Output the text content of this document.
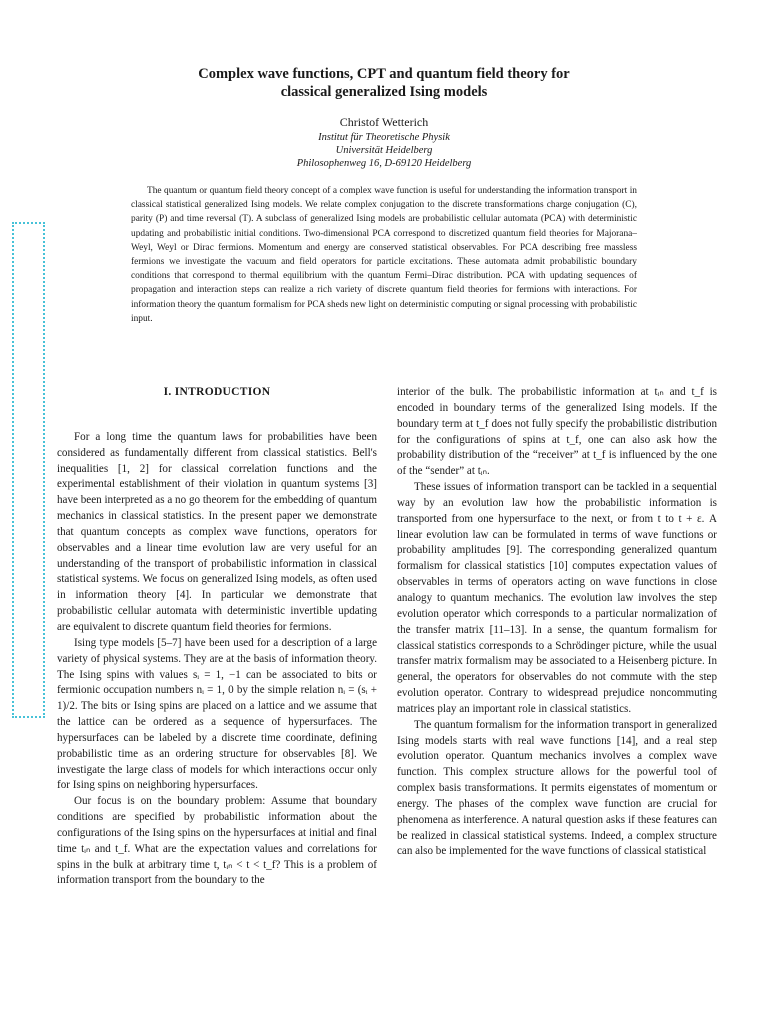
Complex wave functions, CPT and quantum field theory for
classical generalized Ising models
Christof Wetterich
Institut für Theoretische Physik
Universität Heidelberg
Philosophenweg 16, D-69120 Heidelberg

The quantum or quantum field theory concept of a complex wave function is useful for understanding the information transport in classical statistical generalized Ising models. We relate complex conjugation to the discrete transformations charge conjugation (C), parity (P) and time reversal (T). A subclass of generalized Ising models are probabilistic cellular automata (PCA) with deterministic updating and probabilistic initial conditions. Two-dimensional PCA correspond to discretized quantum field theories for Majorana–Weyl, Weyl or Dirac fermions. Momentum and energy are conserved statistical observables. For PCA describing free massless fermions we investigate the vacuum and field operators for particle excitations. These automata admit probabilistic boundary conditions that correspond to thermal equilibrium with the quantum Fermi–Dirac distribution. PCA with updating sequences of propagation and interaction steps can realize a rich variety of discrete quantum field theories for fermions with interactions. For information theory the quantum formalism for PCA sheds new light on deterministic computing or signal processing with probabilistic input.

I. INTRODUCTION

For a long time the quantum laws for probabilities have been considered as fundamentally different from classical statistics. Bell's inequalities [1, 2] for classical correlation functions and the experimental establishment of their violation in quantum systems [3] have been interpreted as a no go theorem for the embedding of quantum mechanics in classical statistics. In the present paper we demonstrate that quantum concepts as complex wave functions, operators for observables and a linear time evolution law are very useful for an understanding of the transport of probabilistic information in classical statistical systems. We focus on generalized Ising models, as often used in information theory [4]. In particular we demonstrate that probabilistic cellular automata with deterministic invertible updating are equivalent to discrete quantum field theories for fermions.

Ising type models [5–7] have been used for a description of a large variety of physical systems. They are at the basis of information theory. The Ising spins with values sᵢ = 1, −1 can be associated to bits or fermionic occupation numbers nᵢ = 1, 0 by the simple relation nᵢ = (sᵢ + 1)/2. The bits or Ising spins are placed on a lattice and we assume that the lattice can be ordered as a sequence of hypersurfaces. The hypersurfaces can be labeled by a discrete time coordinate, defining probabilistic time as an ordering structure for observables [8]. We investigate the large class of models for which interactions occur only for Ising spins on neighboring hypersurfaces.

Our focus is on the boundary problem: Assume that boundary conditions are specified by probabilistic information about the configurations of the Ising spins on the hypersurfaces at initial and final time tᵢₙ and t_f. What are the expectation values and correlations for spins in the bulk at arbitrary time t, tᵢₙ < t < t_f? This is a problem of information transport from the boundary to the

interior of the bulk. The probabilistic information at tᵢₙ and t_f is encoded in boundary terms of the generalized Ising models. If the boundary term at t_f does not fully specify the probabilistic distribution for the configurations of spins at t_f, one can also ask how the probability distribution of the “receiver” at t_f is influenced by the one of the “sender” at tᵢₙ.

These issues of information transport can be tackled in a sequential way by an evolution law how the probabilistic information is transported from one hypersurface to the next, or from t to t + ε. A linear evolution law can be formulated in terms of wave functions or probability amplitudes [9]. The corresponding generalized quantum formalism for classical statistics [10] computes expectation values of observables in terms of operators acting on wave functions in close analogy to quantum mechanics. The evolution law involves the step evolution operator which corresponds to a particular normalization of the transfer matrix [11–13]. In a sense, the quantum formalism for classical statistics corresponds to a Schrödinger picture, while the usual transfer matrix formalism may be associated to a Heisenberg picture. In general, the operators for observables do not commute with the step evolution operator. Contrary to widespread prejudice noncommuting matrices play an important role in classical statistics.

The quantum formalism for the information transport in generalized Ising models starts with real wave functions [14], and a real step evolution operator. Quantum mechanics involves a complex wave function. This complex structure allows for the powerful tool of complex basis transformations. It permits eigenstates of momentum or energy. The phases of the complex wave function are crucial for phenomena as interference. A natural question asks if these features can be realized in classical statistical systems. Indeed, a complex structure can also be implemented for the wave functions of classical statistical
